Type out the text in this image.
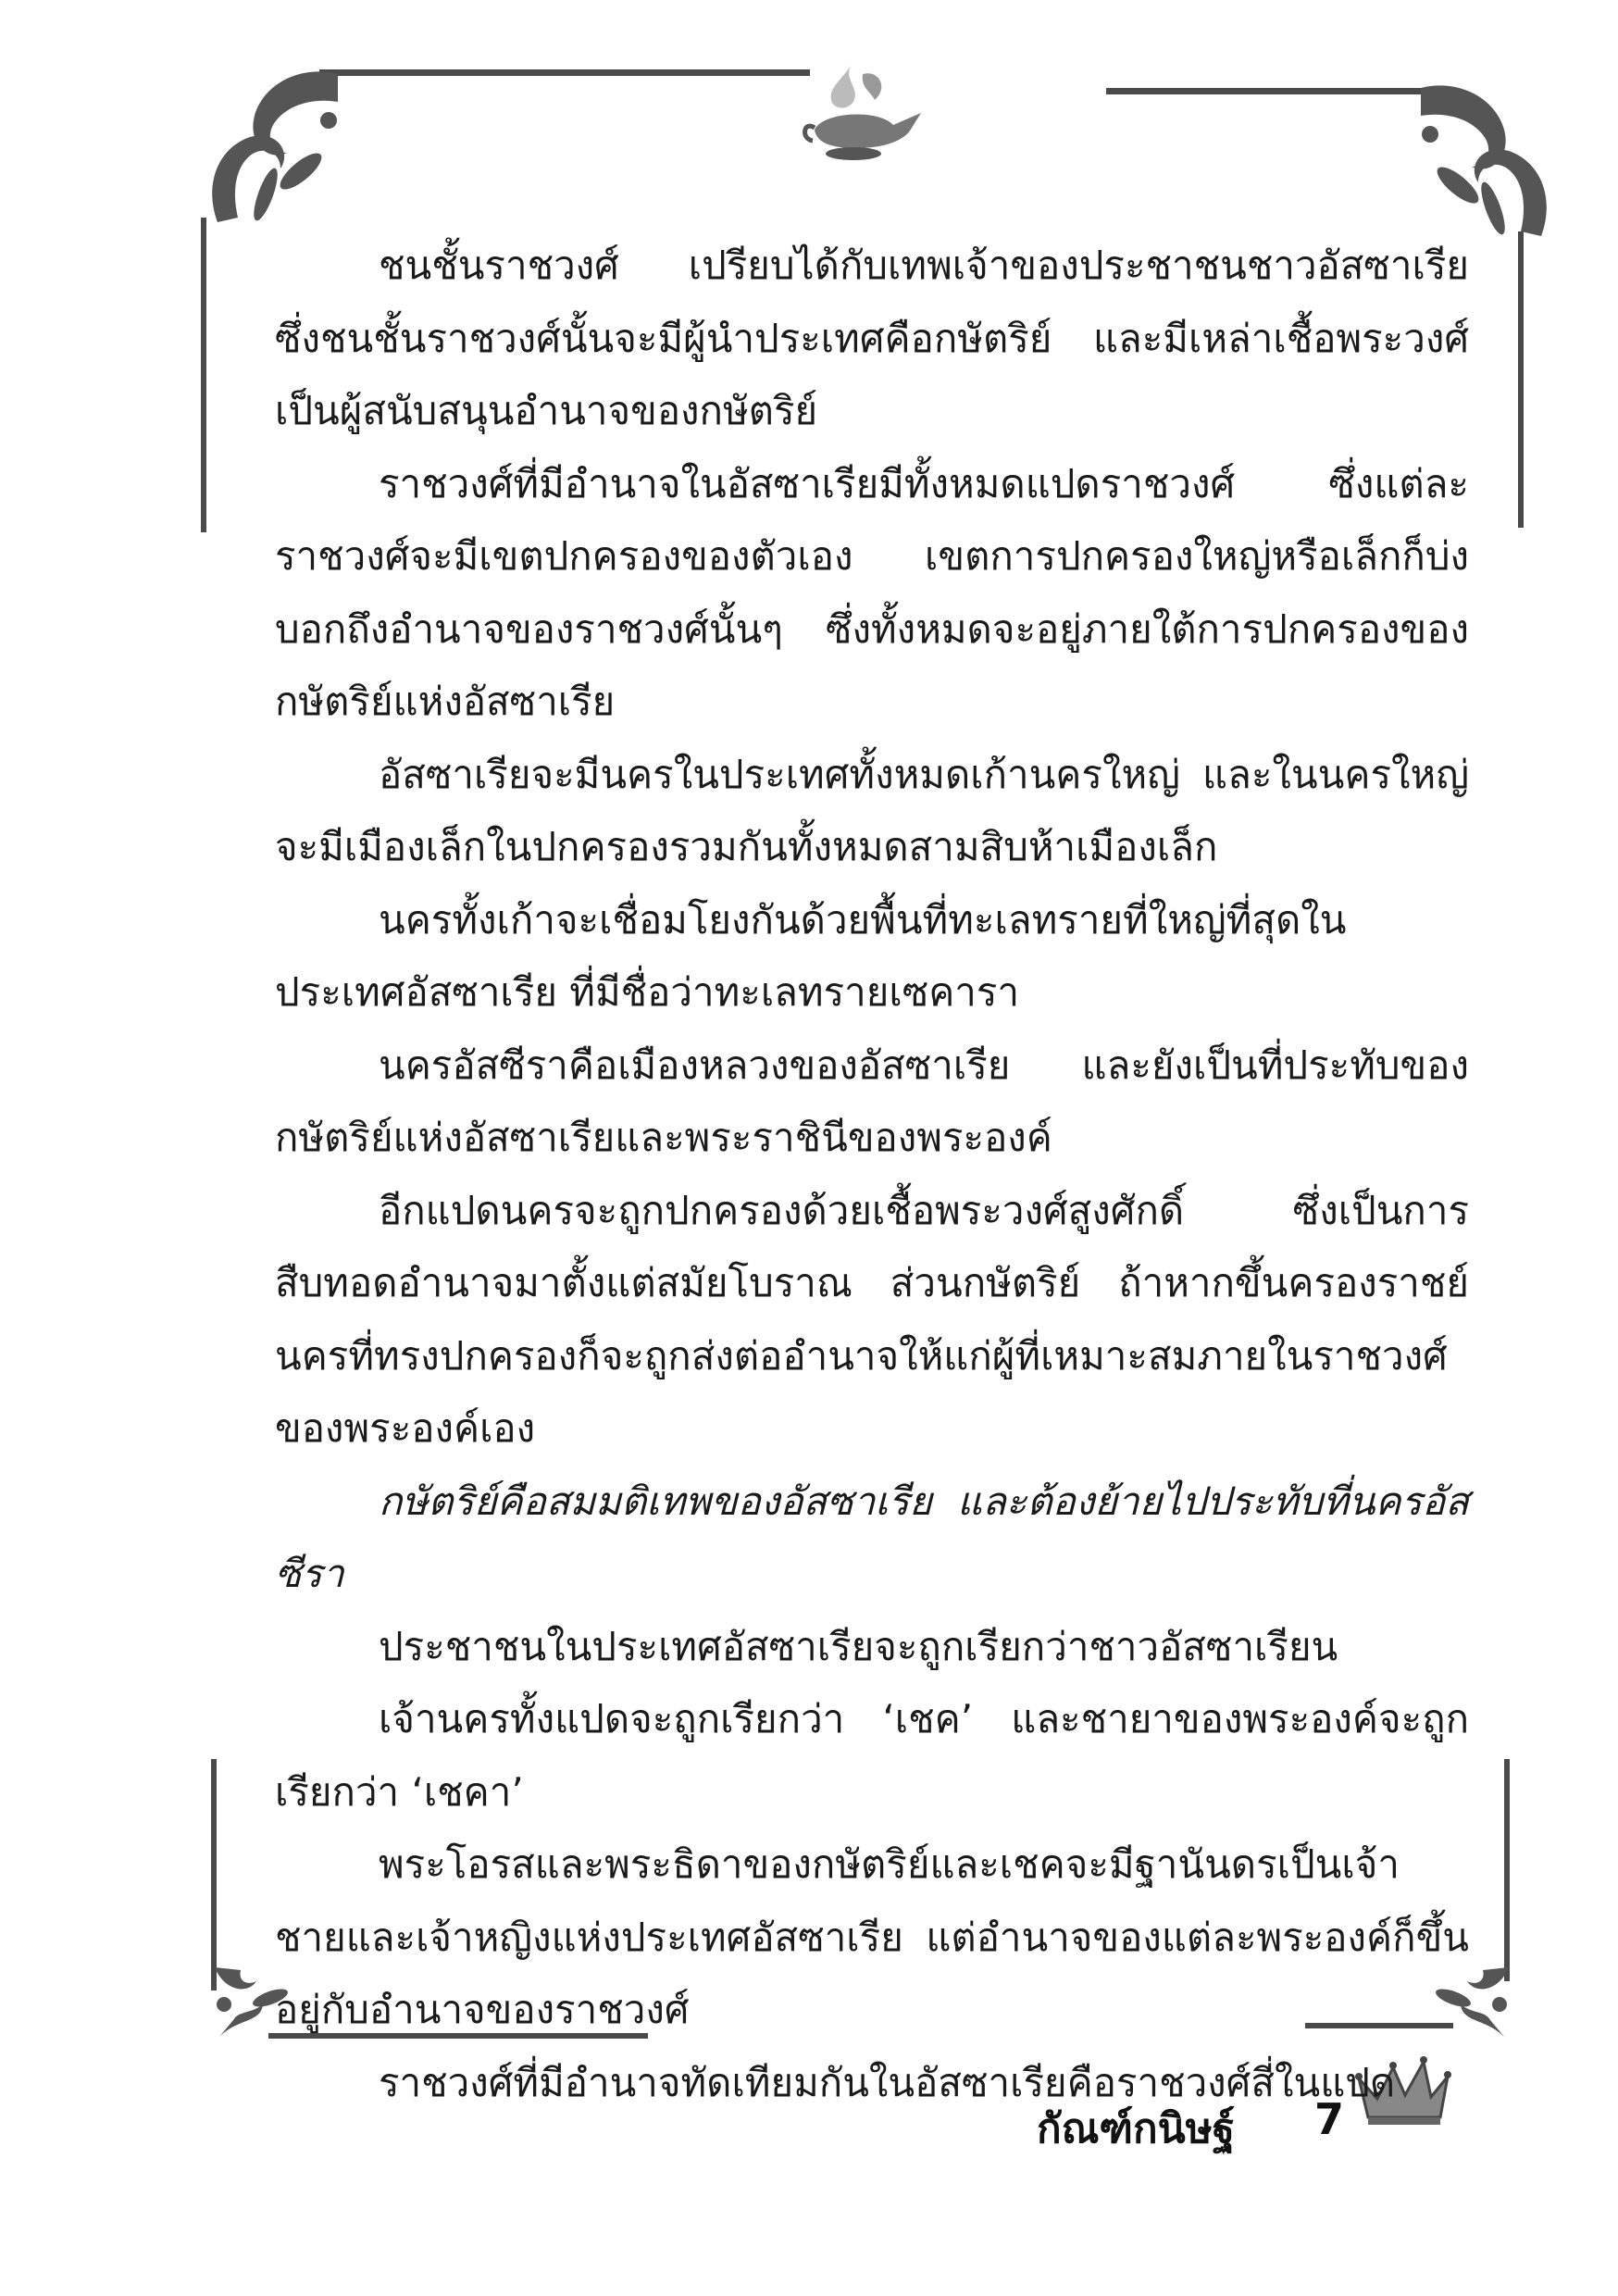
ชนชั้นราชวงศ์ เปรียบได้กับเทพเจ้าของประชาชนชาวอัสซาเรีย ซึ่งชนชั้นราชวงศ์นั้นจะมีผู้นำประเทศคือกษัตริย์ และมีเหล่าเชื้อพระวงศ์เป็นผู้สนับสนุนอำนาจของกษัตริย์

ราชวงศ์ที่มีอำนาจในอัสซาเรียมีทั้งหมดแปดราชวงศ์ ซึ่งแต่ละราชวงศ์จะมีเขตปกครองของตัวเอง เขตการปกครองใหญ่หรือเล็กก็บ่งบอกถึงอำนาจของราชวงศ์นั้นๆ ซึ่งทั้งหมดจะอยู่ภายใต้การปกครองของกษัตริย์แห่งอัสซาเรีย

อัสซาเรียจะมีนครในประเทศทั้งหมดเก้านครใหญ่ และในนครใหญ่จะมีเมืองเล็กในปกครองรวมกันทั้งหมดสามสิบห้าเมืองเล็ก

นครทั้งเก้าจะเชื่อมโยงกันด้วยพื้นที่ทะเลทรายที่ใหญ่ที่สุดในประเทศอัสซาเรีย ที่มีชื่อว่าทะเลทรายเซคารา

นครอัสซีราคือเมืองหลวงของอัสซาเรีย และยังเป็นที่ประทับของกษัตริย์แห่งอัสซาเรียและพระราชินีของพระองค์

อีกแปดนครจะถูกปกครองด้วยเชื้อพระวงศ์สูงศักดิ์ ซึ่งเป็นการสืบทอดอำนาจมาตั้งแต่สมัยโบราณ ส่วนกษัตริย์ ถ้าหากขึ้นครองราชย์นครที่ทรงปกครองก็จะถูกส่งต่ออำนาจให้แก่ผู้ที่เหมาะสมภายในราชวงศ์ของพระองค์เอง

กษัตริย์คือสมมติเทพของอัสซาเรีย และต้องย้ายไปประทับที่นครอัสซีรา

ประชาชนในประเทศอัสซาเรียจะถูกเรียกว่าชาวอัสซาเรียน

เจ้านครทั้งแปดจะถูกเรียกว่า ‘เชค’ และชายาของพระองค์จะถูกเรียกว่า ‘เชคา’

พระโอรสและพระธิดาของกษัตริย์และเชคจะมีฐานันดรเป็นเจ้าชายและเจ้าหญิงแห่งประเทศอัสซาเรีย แต่อำนาจของแต่ละพระองค์ก็ขึ้นอยู่กับอำนาจของราชวงศ์

ราชวงศ์ที่มีอำนาจทัดเทียมกันในอัสซาเรียคือราชวงศ์สี่ในแปด

กัณฑ์กนิษฐ์ 7
